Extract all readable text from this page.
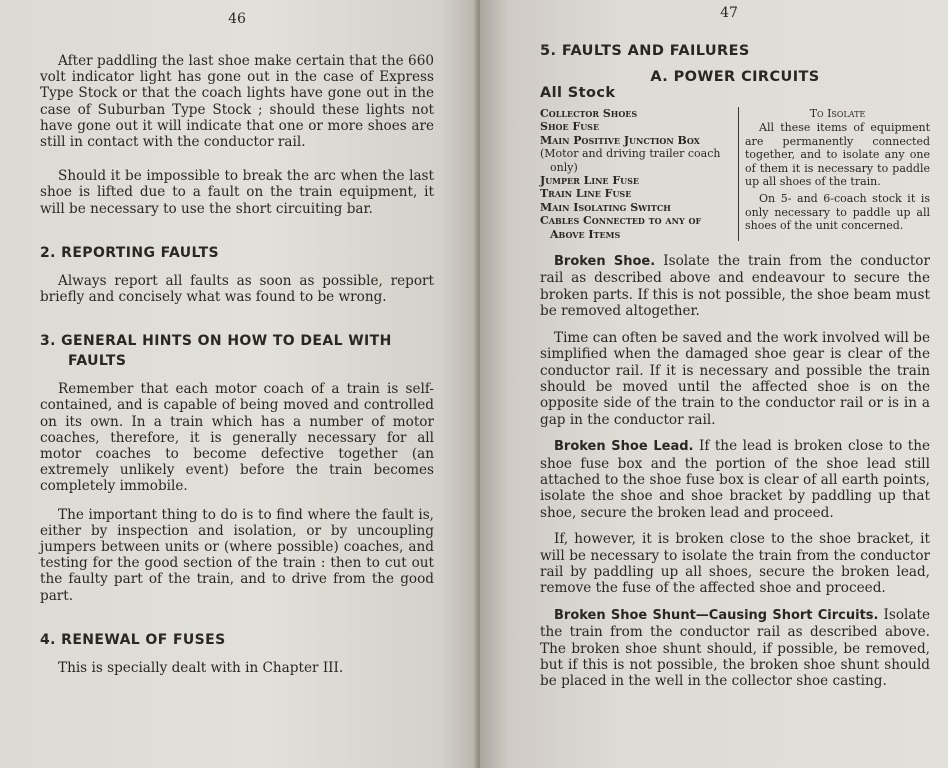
46

After paddling the last shoe make certain that the 660 volt indicator light has gone out in the case of Express Type Stock or that the coach lights have gone out in the case of Suburban Type Stock ; should these lights not have gone out it will indicate that one or more shoes are still in contact with the conductor rail.

Should it be impossible to break the arc when the last shoe is lifted due to a fault on the train equipment, it will be necessary to use the short circuiting bar.

2. REPORTING FAULTS

Always report all faults as soon as possible, report briefly and concisely what was found to be wrong.

3. GENERAL HINTS ON HOW TO DEAL WITH FAULTS

Remember that each motor coach of a train is self-contained, and is capable of being moved and controlled on its own. In a train which has a number of motor coaches, therefore, it is generally necessary for all motor coaches to become defective together (an extremely unlikely event) before the train becomes completely immobile.

The important thing to do is to find where the fault is, either by inspection and isolation, or by uncoupling jumpers between units or (where possible) coaches, and testing for the good section of the train : then to cut out the faulty part of the train, and to drive from the good part.

4. RENEWAL OF FUSES

This is specially dealt with in Chapter III.

47
5. FAULTS AND FAILURES
A. POWER CIRCUITS
All Stock
Collector Shoes
Shoe Fuse
Main Positive Junction Box
(Motor and driving trailer coach
only)
Jumper Line Fuse
Train Line Fuse
Main Isolating Switch
Cables Connected to any of
Above Items
To Isolate
All these items of equipment are permanently connected together, and to isolate any one of them it is necessary to paddle up all shoes of the train.
On 5- and 6-coach stock it is only necessary to paddle up all shoes of the unit concerned.

Broken Shoe. Isolate the train from the conductor rail as described above and endeavour to secure the broken parts. If this is not possible, the shoe beam must be removed altogether.

Time can often be saved and the work involved will be simplified when the damaged shoe gear is clear of the conductor rail. If it is necessary and possible the train should be moved until the affected shoe is on the opposite side of the train to the conductor rail or is in a gap in the conductor rail.

Broken Shoe Lead. If the lead is broken close to the shoe fuse box and the portion of the shoe lead still attached to the shoe fuse box is clear of all earth points, isolate the shoe and shoe bracket by paddling up that shoe, secure the broken lead and proceed.

If, however, it is broken close to the shoe bracket, it will be necessary to isolate the train from the conductor rail by paddling up all shoes, secure the broken lead, remove the fuse of the affected shoe and proceed.

Broken Shoe Shunt—Causing Short Circuits. Isolate the train from the conductor rail as described above. The broken shoe shunt should, if possible, be removed, but if this is not possible, the broken shoe shunt should be placed in the well in the collector shoe casting.
